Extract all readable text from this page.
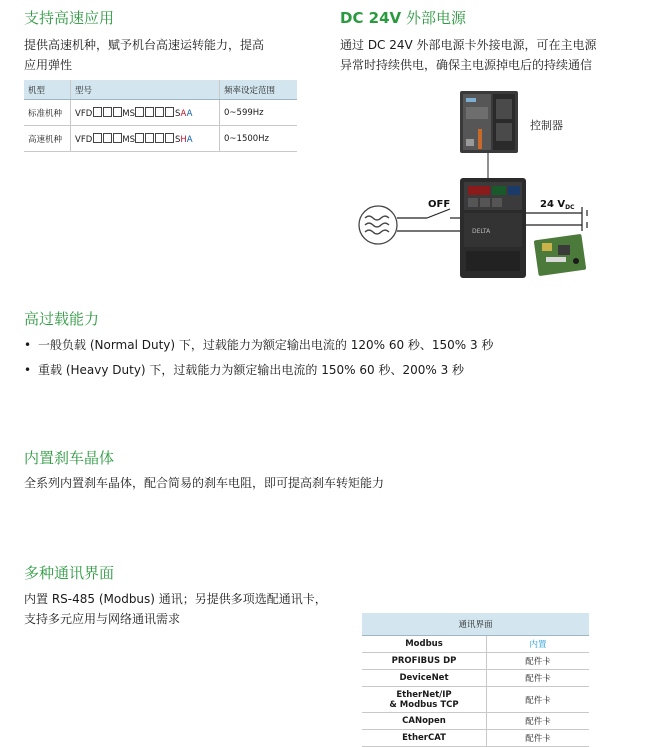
支持高速应用
提供高速机种，赋予机台高速运转能力，提高
应用弹性
机型	型号	频率设定范围
标准机种	VFD MS SAA	0~599Hz
高速机种	VFD MS SHA	0~1500Hz
DC 24V 外部电源
通过 DC 24V 外部电源卡外接电源，可在主电源
异常时持续供电，确保主电源掉电后的持续通信
OFF
DELTA
24 $V_{DC}$
控制器
高过载能力
• 一般负载 (Normal Duty) 下，过载能力为额定输出电流的 120% 60 秒、150% 3 秒
• 重载 (Heavy Duty) 下，过载能力为额定输出电流的 150% 60 秒、200% 3 秒
内置刹车晶体
全系列内置刹车晶体，配合简易的刹车电阻，即可提高刹车转矩能力
多种通讯界面
内置 RS-485 (Modbus) 通讯；另提供多项选配通讯卡，
支持多元应用与网络通讯需求	通讯界面	
Modbus	内置
PROFIBUS DP	配件卡
DeviceNet	配件卡

EtherNet/IP
& Modbus TCP	配件卡
CANopen	配件卡
EtherCAT	配件卡
